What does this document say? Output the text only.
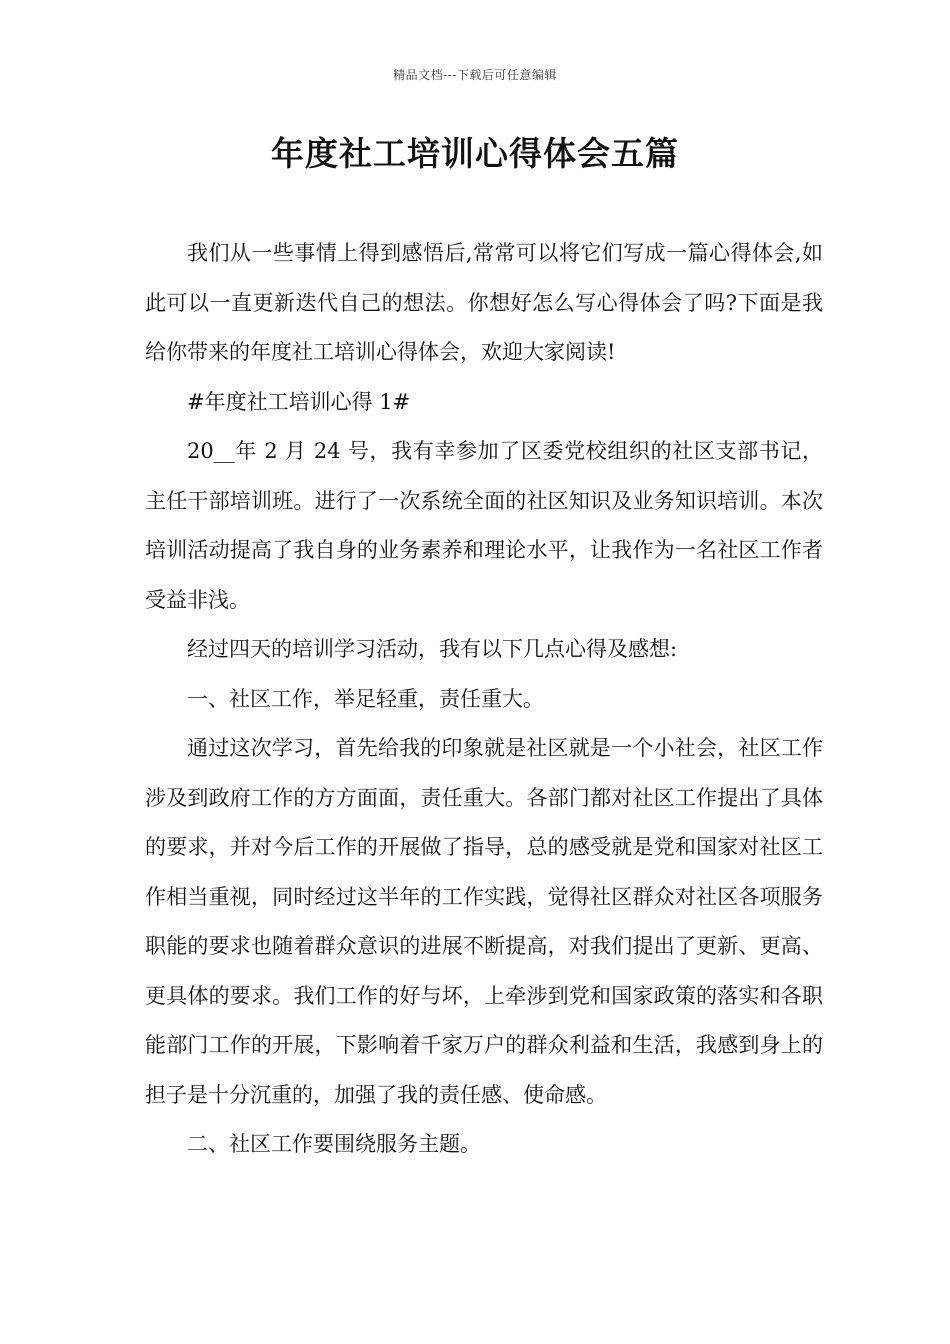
精品文档---下载后可任意编辑
年度社工培训心得体会五篇

我们从一些事情上得到感悟后,常常可以将它们写成一篇心得体会,如此可以一直更新迭代自己的想法。你想好怎么写心得体会了吗?下面是我给你带来的年度社工培训心得体会，欢迎大家阅读!

#年度社工培训心得 1#

20__年 2 月 24 号，我有幸参加了区委党校组织的社区支部书记，主任干部培训班。进行了一次系统全面的社区知识及业务知识培训。本次培训活动提高了我自身的业务素养和理论水平，让我作为一名社区工作者受益非浅。

经过四天的培训学习活动，我有以下几点心得及感想:

一、社区工作，举足轻重，责任重大。

通过这次学习，首先给我的印象就是社区就是一个小社会，社区工作涉及到政府工作的方方面面，责任重大。各部门都对社区工作提出了具体的要求，并对今后工作的开展做了指导，总的感受就是党和国家对社区工作相当重视，同时经过这半年的工作实践，觉得社区群众对社区各项服务职能的要求也随着群众意识的进展不断提高，对我们提出了更新、更高、更具体的要求。我们工作的好与坏，上牵涉到党和国家政策的落实和各职能部门工作的开展，下影响着千家万户的群众利益和生活，我感到身上的担子是十分沉重的，加强了我的责任感、使命感。

二、社区工作要围绕服务主题。
